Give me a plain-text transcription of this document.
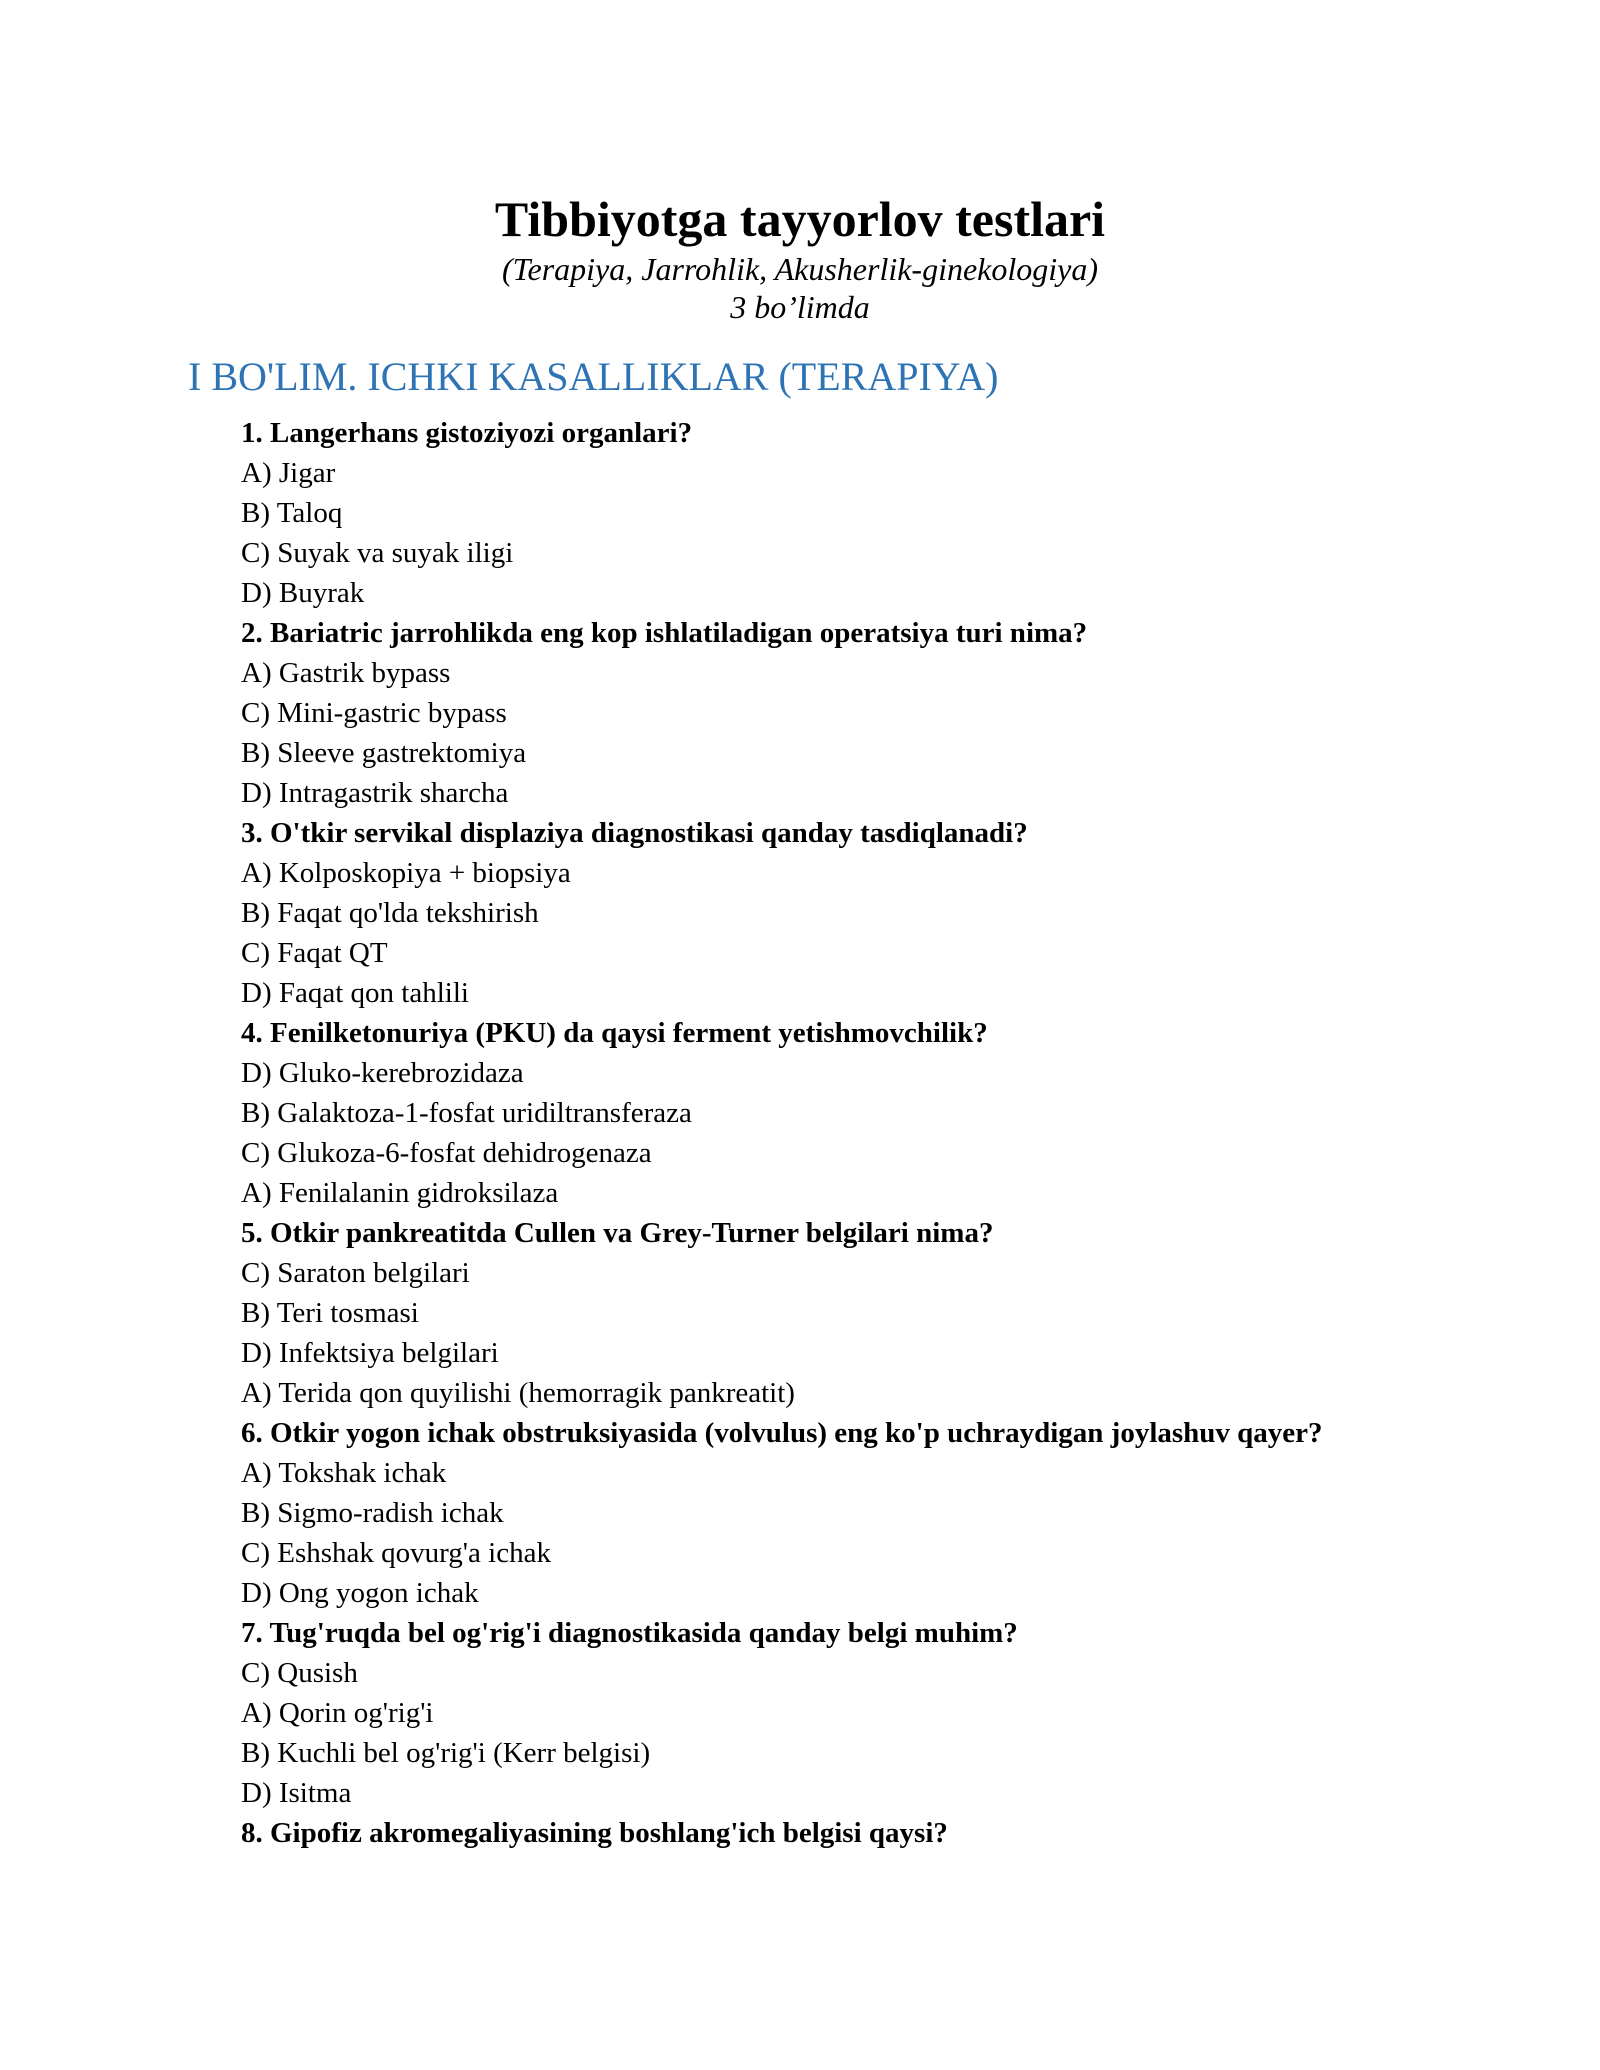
Tibbiyotga tayyorlov testlari
(Terapiya, Jarrohlik, Akusherlik-ginekologiya)
3 bo’limda
I BO'LIM. ICHKI KASALLIKLAR (TERAPIYA)
1. Langerhans gistoziyozi organlari?
A) Jigar
B) Taloq
C) Suyak va suyak iligi
D) Buyrak
2. Bariatric jarrohlikda eng kop ishlatiladigan operatsiya turi nima?
A) Gastrik bypass
C) Mini-gastric bypass
B) Sleeve gastrektomiya
D) Intragastrik sharcha
3. O'tkir servikal displaziya diagnostikasi qanday tasdiqlanadi?
A) Kolposkopiya + biopsiya
B) Faqat qo'lda tekshirish
C) Faqat QT
D) Faqat qon tahlili
4. Fenilketonuriya (PKU) da qaysi ferment yetishmovchilik?
D) Gluko-kerebrozidaza
B) Galaktoza-1-fosfat uridiltransferaza
C) Glukoza-6-fosfat dehidrogenaza
A) Fenilalanin gidroksilaza
5. Otkir pankreatitda Cullen va Grey-Turner belgilari nima?
C) Saraton belgilari
B) Teri tosmasi
D) Infektsiya belgilari
A) Terida qon quyilishi (hemorragik pankreatit)
6. Otkir yogon ichak obstruksiyasida (volvulus) eng ko'p uchraydigan joylashuv qayer?
A) Tokshak ichak
B) Sigmo-radish ichak
C) Eshshak qovurg'a ichak
D) Ong yogon ichak
7. Tug'ruqda bel og'rig'i diagnostikasida qanday belgi muhim?
C) Qusish
A) Qorin og'rig'i
B) Kuchli bel og'rig'i (Kerr belgisi)
D) Isitma
8. Gipofiz akromegaliyasining boshlang'ich belgisi qaysi?
